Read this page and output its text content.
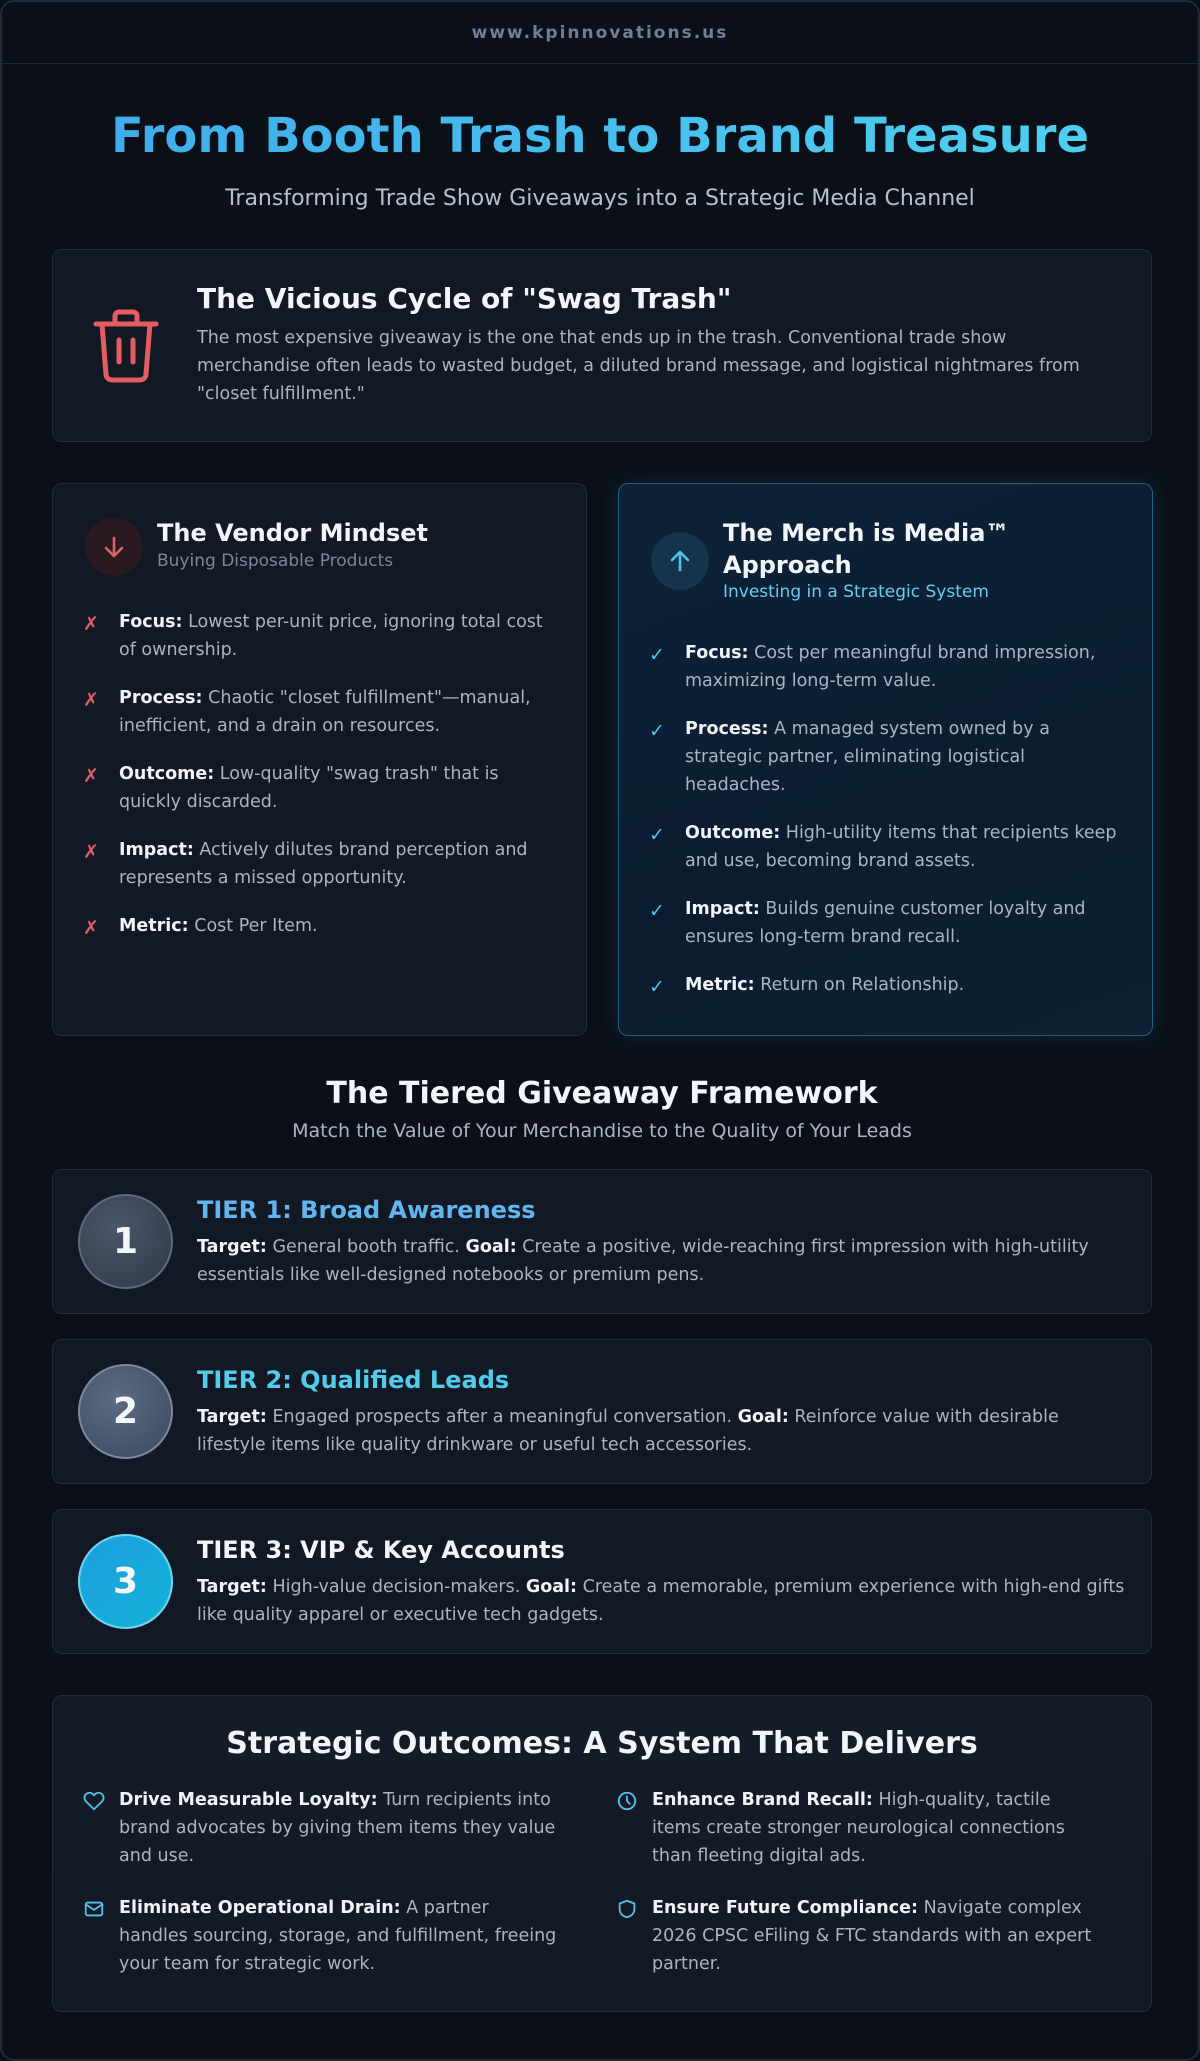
www.kpinnovations.us
From Booth Trash to Brand Treasure

Transforming Trade Show Giveaways into a Strategic Media Channel

The Vicious Cycle of "Swag Trash"

The most expensive giveaway is the one that ends up in the trash. Conventional trade show merchandise often leads to wasted budget, a diluted brand message, and logistical nightmares from "closet fulfillment."

The Vendor Mindset

Buying Disposable Products

✗	Focus: Lowest per-unit price, ignoring total cost of ownership.
✗	Process: Chaotic "closet fulfillment"—manual, inefficient, and a drain on resources.
✗	Outcome: Low-quality "swag trash" that is quickly discarded.
✗	Impact: Actively dilutes brand perception and represents a missed opportunity.
✗	Metric: Cost Per Item.
The Merch is Media™ Approach

Investing in a Strategic System

✓	Focus: Cost per meaningful brand impression, maximizing long-term value.
✓	Process: A managed system owned by a strategic partner, eliminating logistical headaches.
✓	Outcome: High-utility items that recipients keep and use, becoming brand assets.
✓	Impact: Builds genuine customer loyalty and ensures long-term brand recall.
✓	Metric: Return on Relationship.
The Tiered Giveaway Framework

Match the Value of Your Merchandise to the Quality of Your Leads

1
TIER 1: Broad Awareness

Target: General booth traffic. Goal: Create a positive, wide-reaching first impression with high-utility essentials like well-designed notebooks or premium pens.

2
TIER 2: Qualified Leads

Target: Engaged prospects after a meaningful conversation. Goal: Reinforce value with desirable lifestyle items like quality drinkware or useful tech accessories.

3
TIER 3: VIP & Key Accounts

Target: High-value decision-makers. Goal: Create a memorable, premium experience with high-end gifts like quality apparel or executive tech gadgets.

Strategic Outcomes: A System That Delivers
Drive Measurable Loyalty: Turn recipients into brand advocates by giving them items they value and use.
Enhance Brand Recall: High-quality, tactile items create stronger neurological connections than fleeting digital ads.
Eliminate Operational Drain: A partner handles sourcing, storage, and fulfillment, freeing your team for strategic work.
Ensure Future Compliance: Navigate complex 2026 CPSC eFiling & FTC standards with an expert partner.
